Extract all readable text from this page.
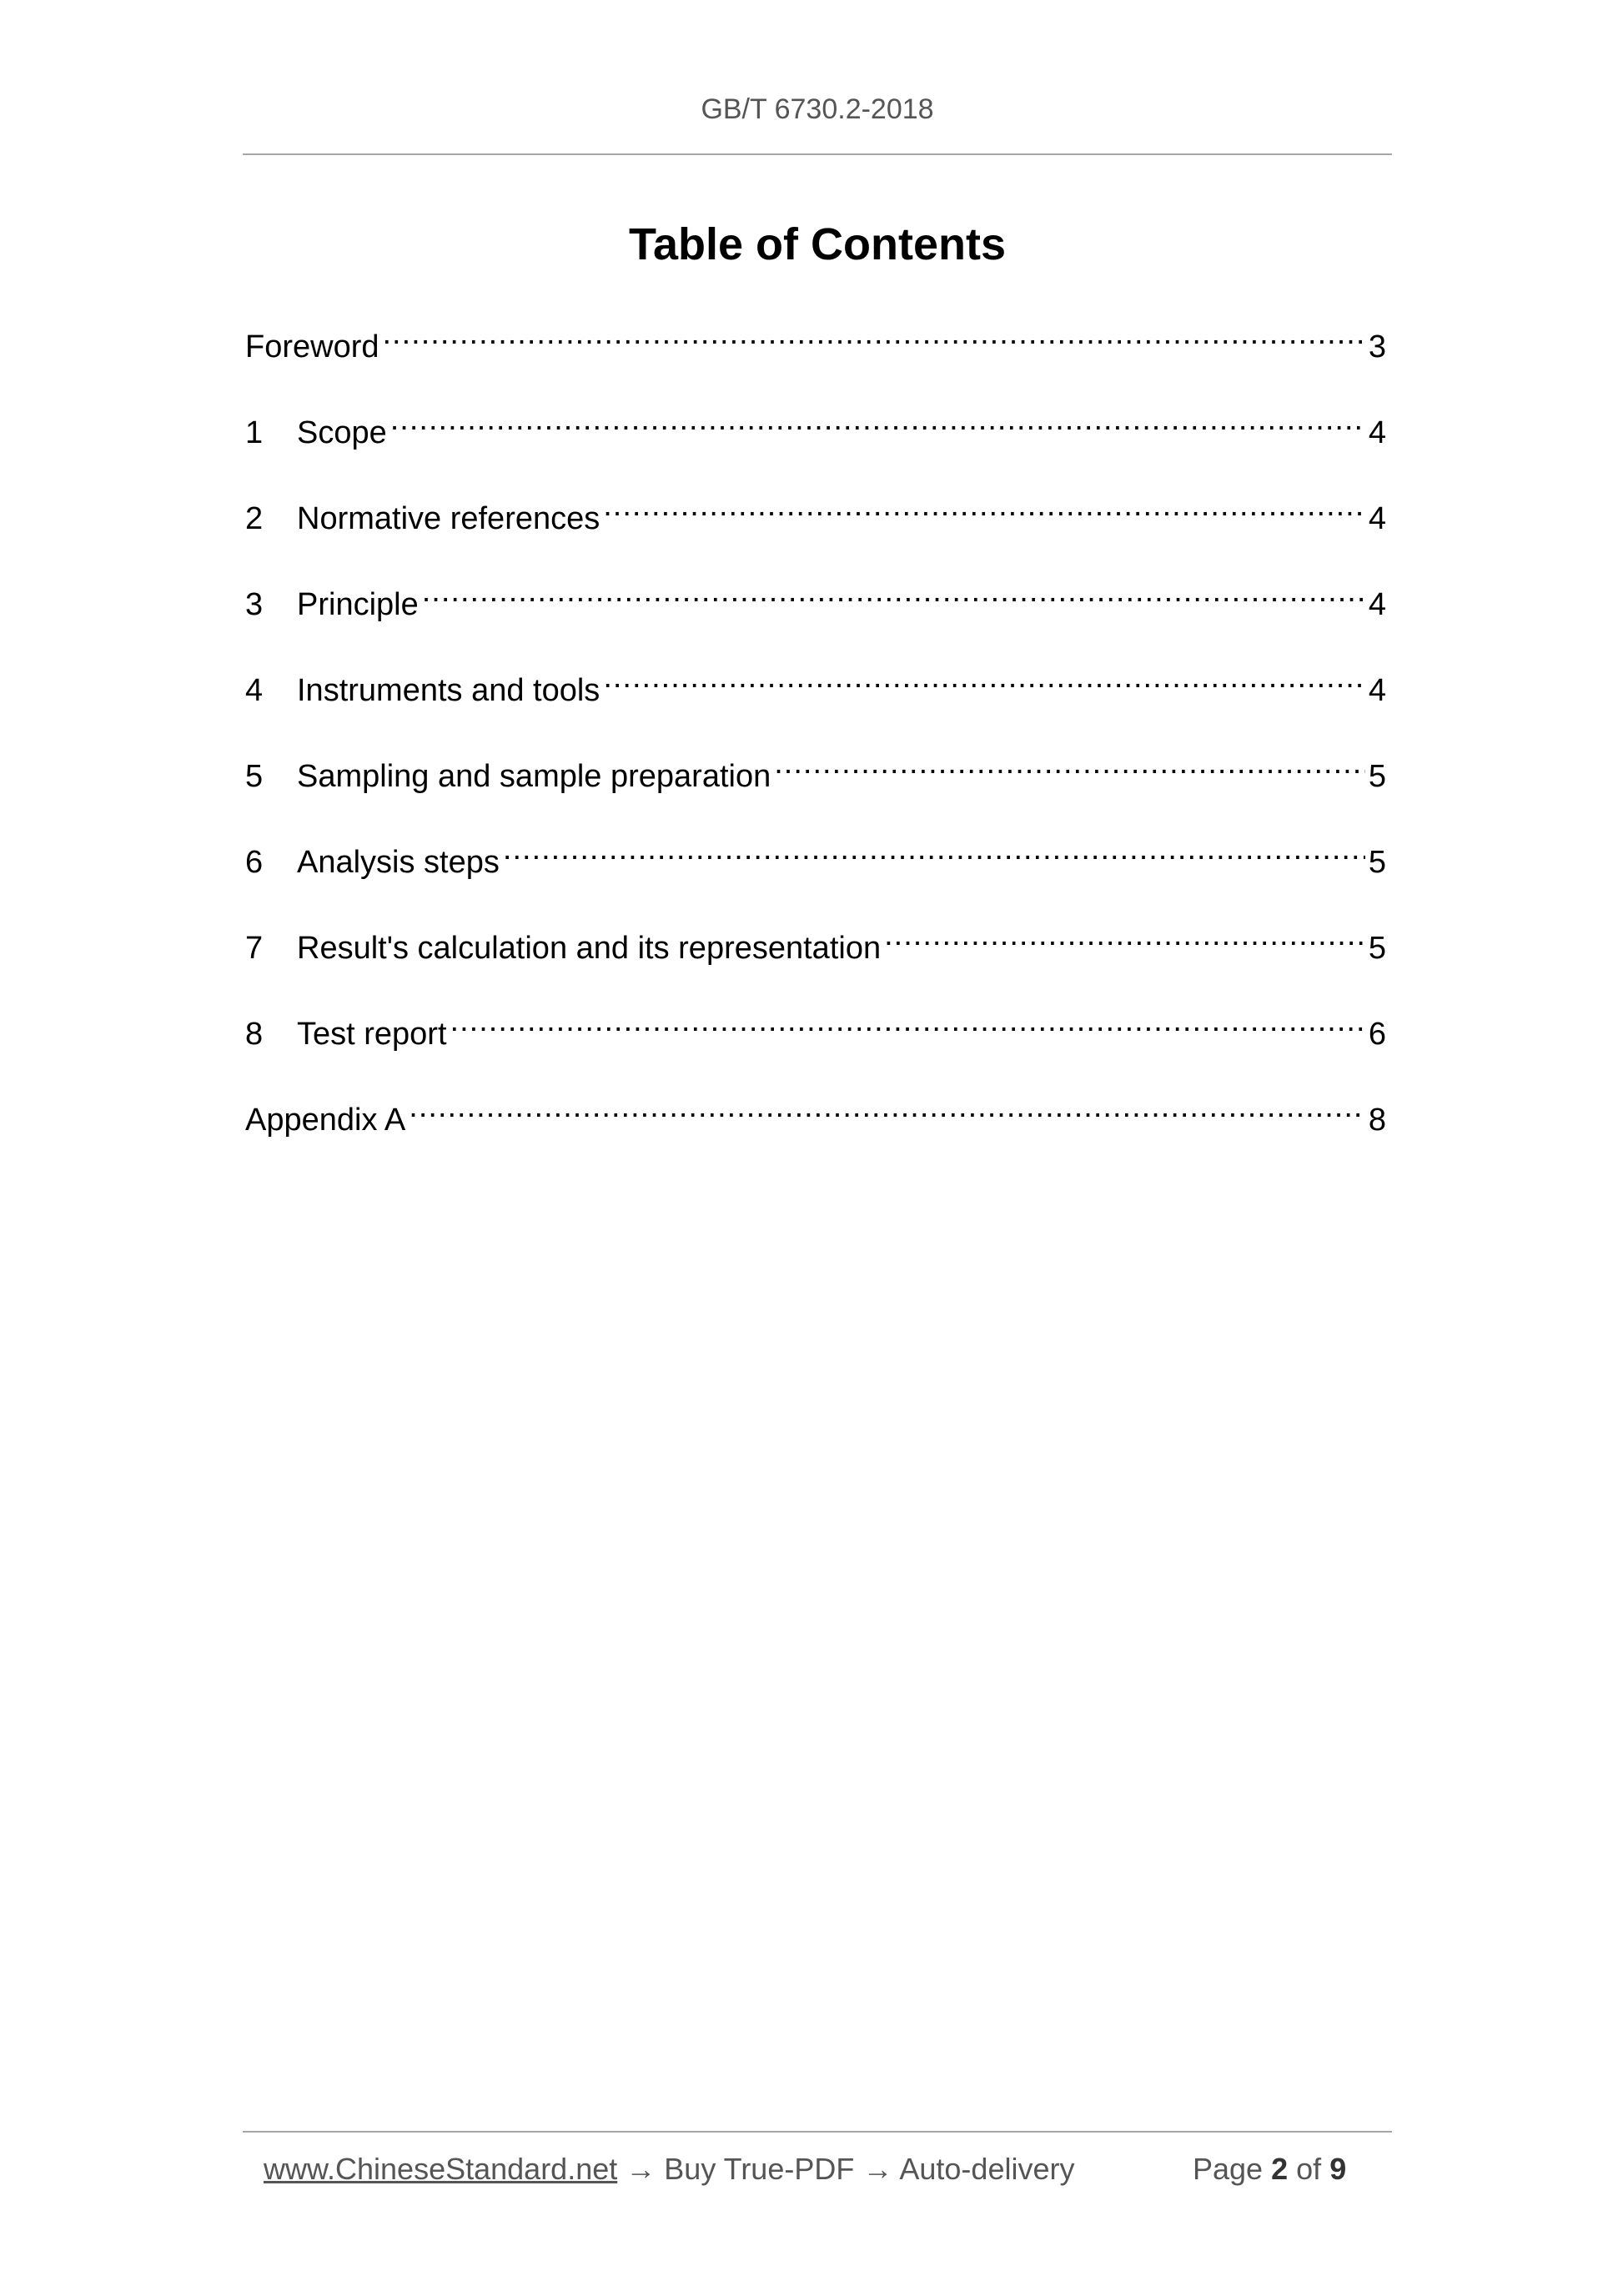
GB/T 6730.2-2018
Table of Contents
Foreword .....	3
1	Scope .....	4
2	Normative references .....	4
3	Principle .....	4
4	Instruments and tools .....	4
5	Sampling and sample preparation .....	5
6	Analysis steps .....	5
7	Result's calculation and its representation .....	5
8	Test report .....	6
Appendix A .....	8
www.ChineseStandard.net → Buy True-PDF → Auto-delivery	Page 2 of 9
